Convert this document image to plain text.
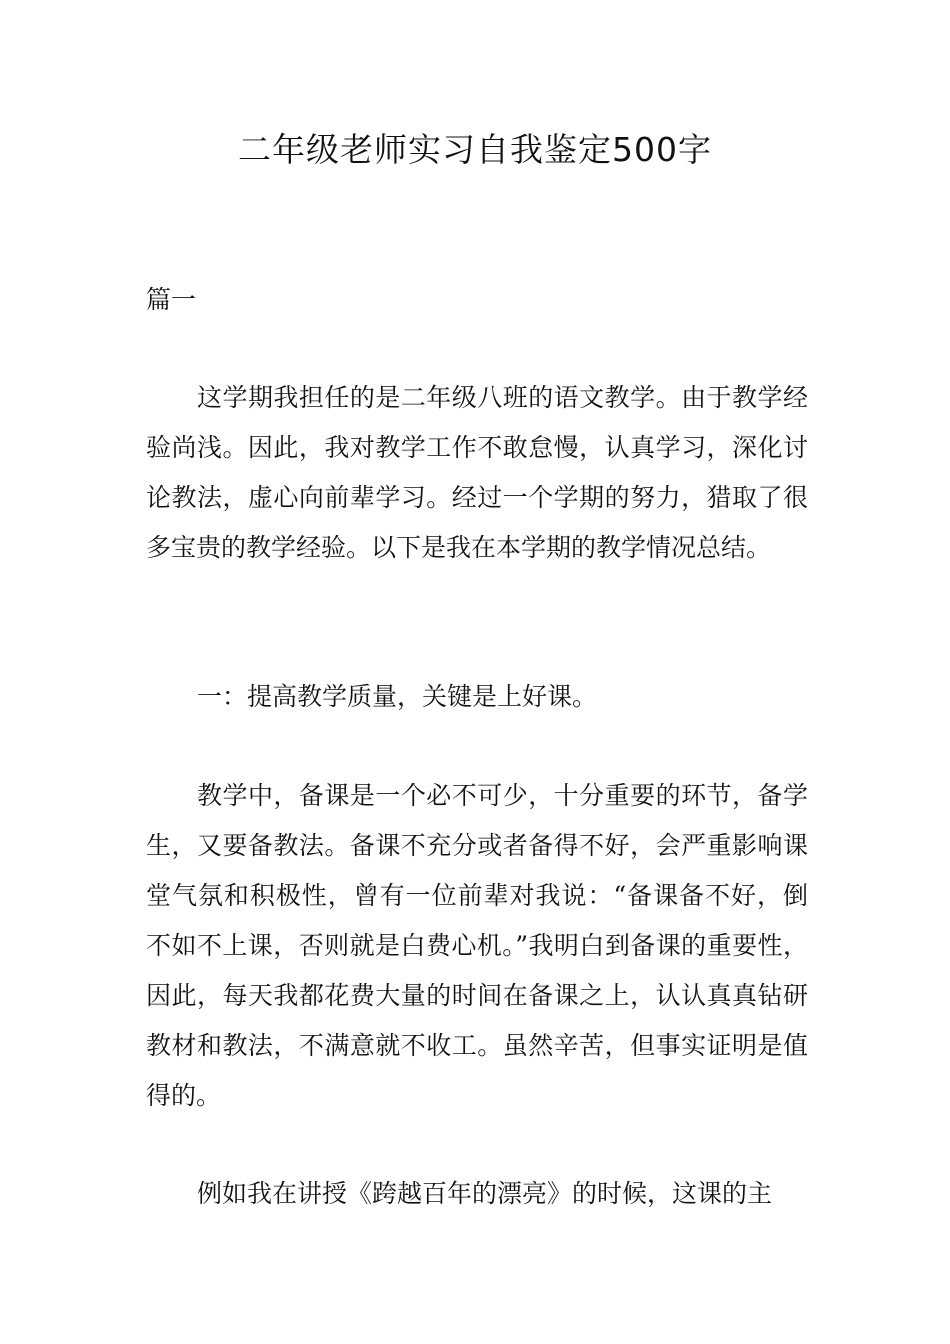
二年级老师实习自我鉴定500字

篇一

这学期我担任的是二年级八班的语文教学。由于教学经验尚浅。因此，我对教学工作不敢怠慢，认真学习，深化讨论教法，虚心向前辈学习。经过一个学期的努力，猎取了很多宝贵的教学经验。以下是我在本学期的教学情况总结。

一：提高教学质量，关键是上好课。

教学中，备课是一个必不可少，十分重要的环节，备学生，又要备教法。备课不充分或者备得不好，会严重影响课堂气氛和积极性，曾有一位前辈对我说：“备课备不好，倒不如不上课，否则就是白费心机。”我明白到备课的重要性，因此，每天我都花费大量的时间在备课之上，认认真真钻研教材和教法，不满意就不收工。虽然辛苦，但事实证明是值得的。

例如我在讲授《跨越百年的漂亮》的时候，这课的主
